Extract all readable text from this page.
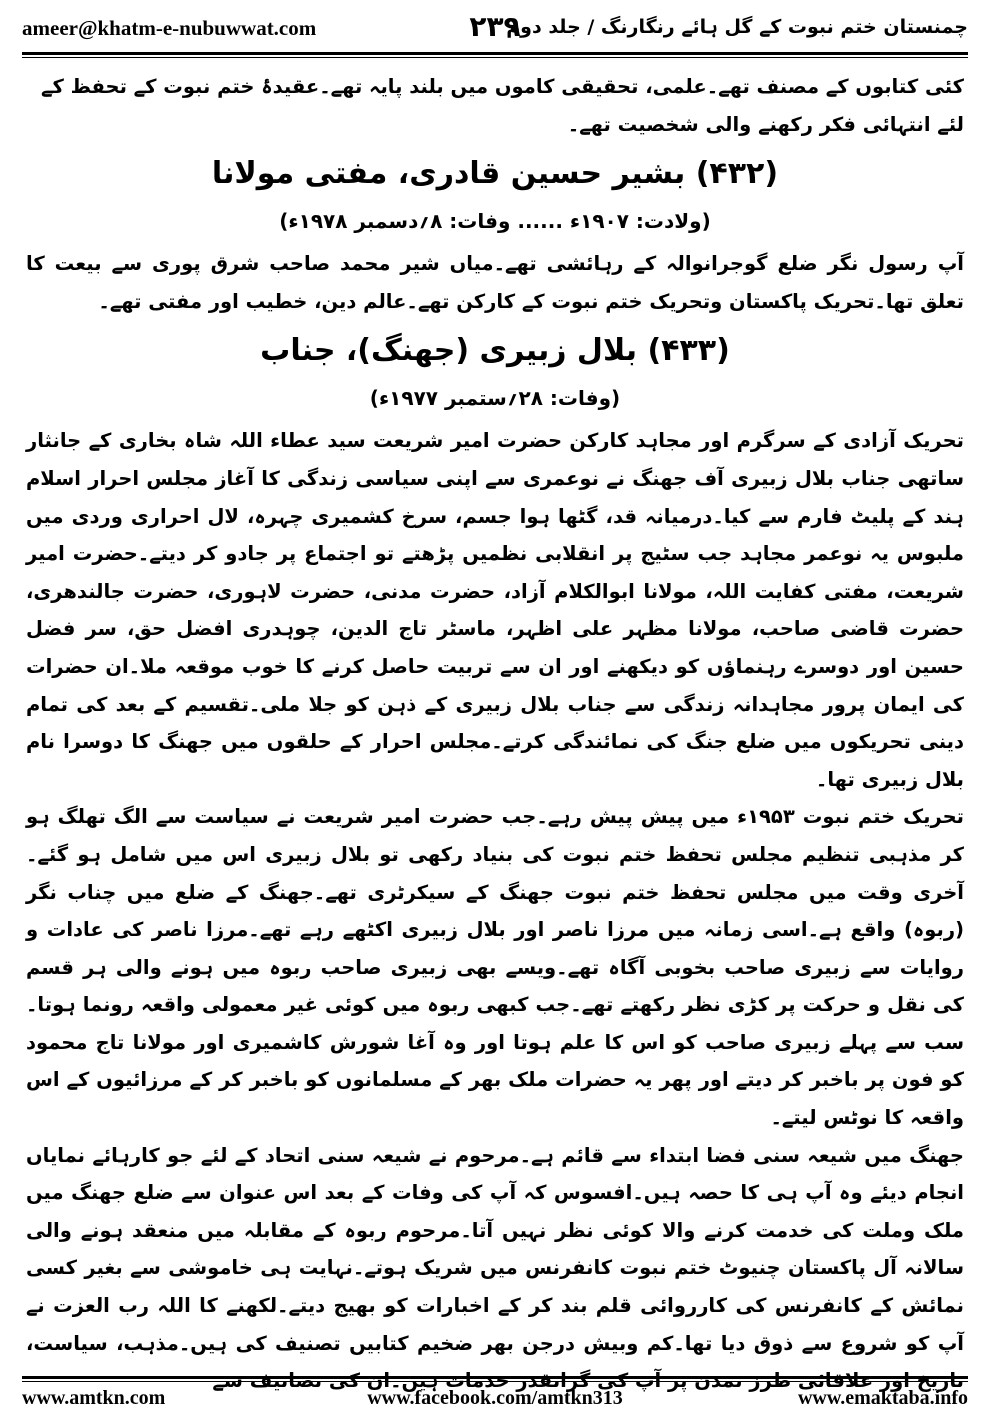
ameer@khatm-e-nubuwwat.com	۲۳۹
چمنستان ختم نبوت کے گل ہائے رنگارنگ / جلد دوم

کئی کتابوں کے مصنف تھے۔علمی، تحقیقی کاموں میں بلند پایہ تھے۔عقیدۂ ختم نبوت کے تحفظ کے لئے انتہائی فکر رکھنے والی شخصیت تھے۔

(۴۳۲) بشیر حسین قادری، مفتی مولانا
(ولادت: ۱۹۰۷ء ...... وفات: ۸؍دسمبر ۱۹۷۸ء)

آپ رسول نگر ضلع گوجرانوالہ کے رہائشی تھے۔میاں شیر محمد صاحب شرق پوری سے بیعت کا تعلق تھا۔تحریک پاکستان وتحریک ختم نبوت کے کارکن تھے۔عالم دین، خطیب اور مفتی تھے۔

(۴۳۳) بلال زبیری (جھنگ)، جناب
(وفات: ۲۸؍ستمبر ۱۹۷۷ء)

تحریک آزادی کے سرگرم اور مجاہد کارکن حضرت امیر شریعت سید عطاء اللہ شاہ بخاری کے جانثار ساتھی جناب بلال زبیری آف جھنگ نے نوعمری سے اپنی سیاسی زندگی کا آغاز مجلس احرار اسلام ہند کے پلیٹ فارم سے کیا۔درمیانہ قد، گٹھا ہوا جسم، سرخ کشمیری چہرہ، لال احراری وردی میں ملبوس یہ نوعمر مجاہد جب سٹیج پر انقلابی نظمیں پڑھتے تو اجتماع پر جادو کر دیتے۔حضرت امیر شریعت، مفتی کفایت اللہ، مولانا ابوالکلام آزاد، حضرت مدنی، حضرت لاہوری، حضرت جالندھری، حضرت قاضی صاحب، مولانا مظہر علی اظہر، ماسٹر تاج الدین، چوہدری افضل حق، سر فضل حسین اور دوسرے رہنماؤں کو دیکھنے اور ان سے تربیت حاصل کرنے کا خوب موقعہ ملا۔ان حضرات کی ایمان پرور مجاہدانہ زندگی سے جناب بلال زبیری کے ذہن کو جلا ملی۔تقسیم کے بعد کی تمام دینی تحریکوں میں ضلع جنگ کی نمائندگی کرتے۔مجلس احرار کے حلقوں میں جھنگ کا دوسرا نام بلال زبیری تھا۔

تحریک ختم نبوت ۱۹۵۳ء میں پیش پیش رہے۔جب حضرت امیر شریعت نے سیاست سے الگ تھلگ ہو کر مذہبی تنظیم مجلس تحفظ ختم نبوت کی بنیاد رکھی تو بلال زبیری اس میں شامل ہو گئے۔آخری وقت میں مجلس تحفظ ختم نبوت جھنگ کے سیکرٹری تھے۔جھنگ کے ضلع میں چناب نگر (ربوہ) واقع ہے۔اسی زمانہ میں مرزا ناصر اور بلال زبیری اکٹھے رہے تھے۔مرزا ناصر کی عادات و روایات سے زبیری صاحب بخوبی آگاہ تھے۔ویسے بھی زبیری صاحب ربوہ میں ہونے والی ہر قسم کی نقل و حرکت پر کڑی نظر رکھتے تھے۔جب کبھی ربوہ میں کوئی غیر معمولی واقعہ رونما ہوتا۔سب سے پہلے زبیری صاحب کو اس کا علم ہوتا اور وہ آغا شورش کاشمیری اور مولانا تاج محمود کو فون پر باخبر کر دیتے اور پھر یہ حضرات ملک بھر کے مسلمانوں کو باخبر کر کے مرزائیوں کے اس واقعہ کا نوٹس لیتے۔

جھنگ میں شیعہ سنی فضا ابتداء سے قائم ہے۔مرحوم نے شیعہ سنی اتحاد کے لئے جو کارہائے نمایاں انجام دیئے وہ آپ ہی کا حصہ ہیں۔افسوس کہ آپ کی وفات کے بعد اس عنوان سے ضلع جھنگ میں ملک وملت کی خدمت کرنے والا کوئی نظر نہیں آتا۔مرحوم ربوہ کے مقابلہ میں منعقد ہونے والی سالانہ آل پاکستان چنیوٹ ختم نبوت کانفرنس میں شریک ہوتے۔نہایت ہی خاموشی سے بغیر کسی نمائش کے کانفرنس کی کارروائی قلم بند کر کے اخبارات کو بھیج دیتے۔لکھنے کا اللہ رب العزت نے آپ کو شروع سے ذوق دیا تھا۔کم وبیش درجن بھر ضخیم کتابیں تصنیف کی ہیں۔مذہب، سیاست، تاریخ اور علاقائی طرز تمدن پر آپ کی گرانقدر خدمات ہیں۔ان کی تصانیف سے

www.amtkn.com	www.facebook.com/amtkn313	www.emaktaba.info
